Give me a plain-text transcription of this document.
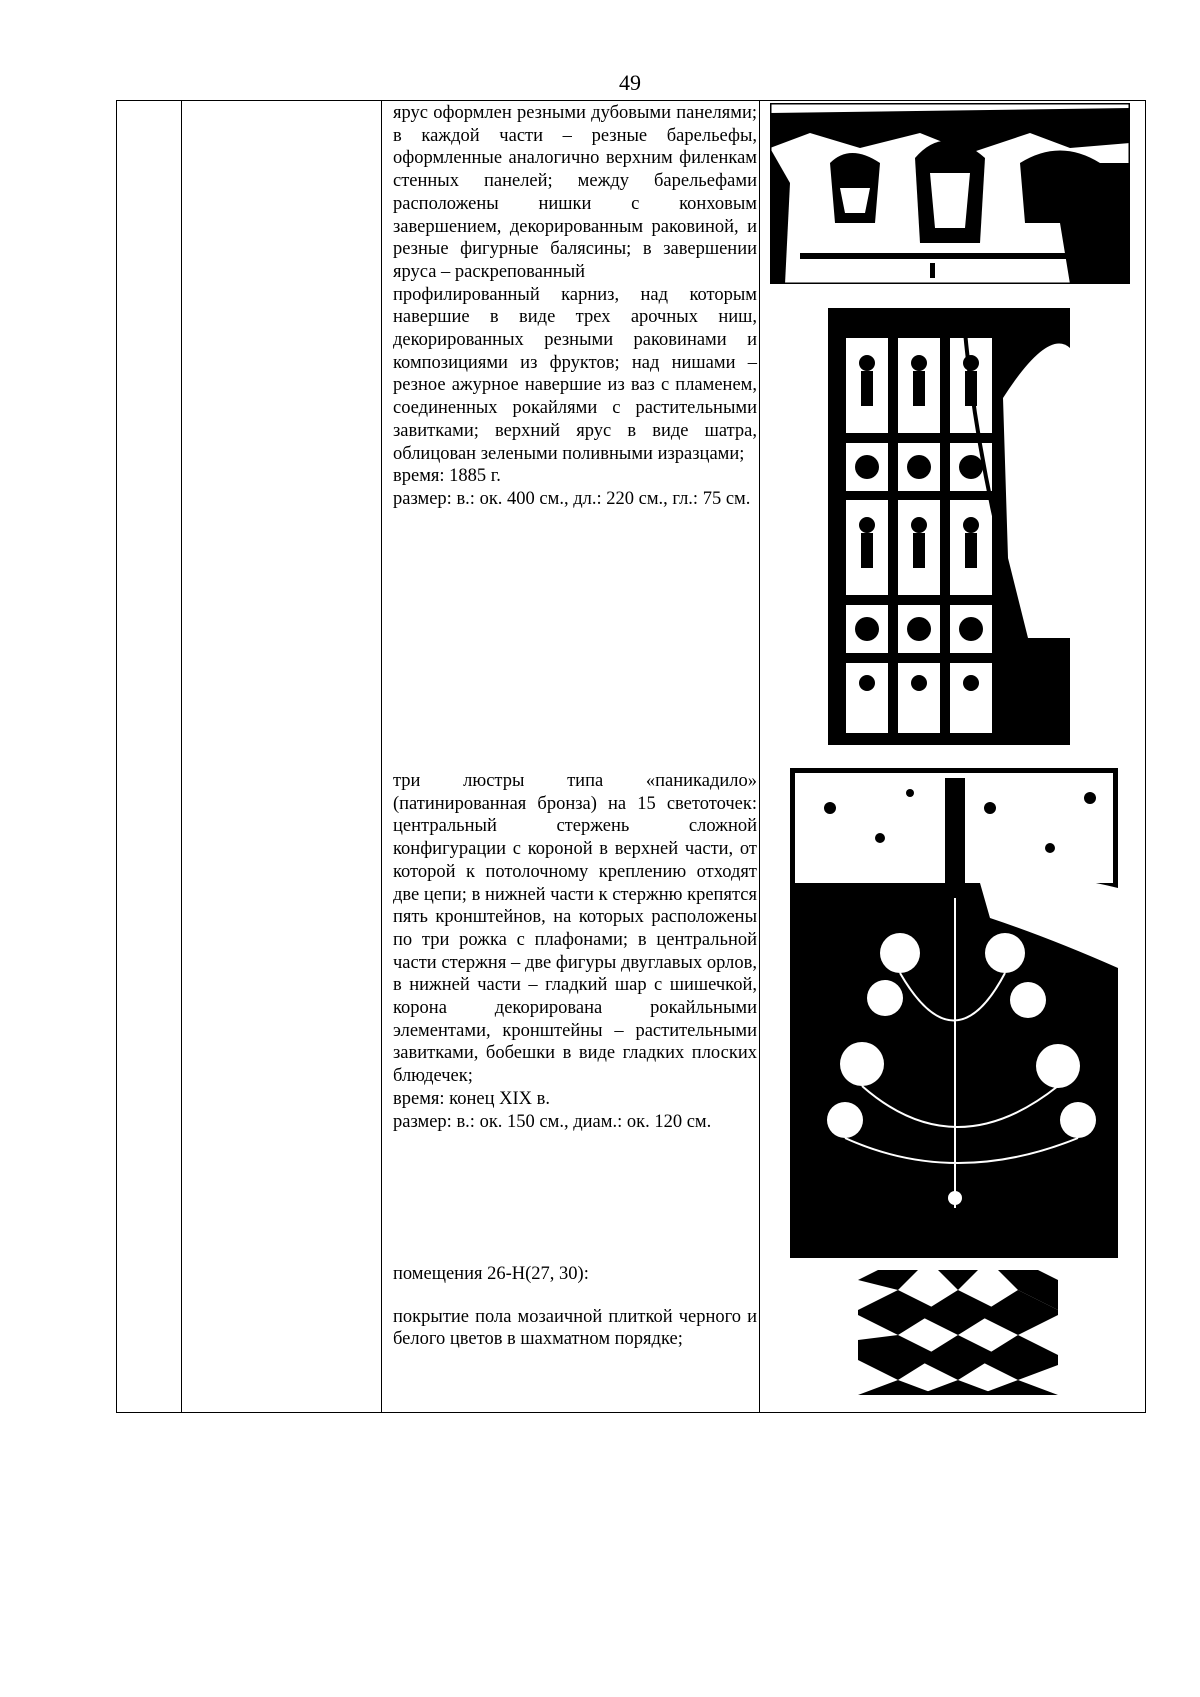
49

ярус оформлен резными дубовыми панелями; в каждой части – резные барельефы, оформленные аналогично верхним филенкам стенных панелей; между барельефами расположены нишки с конховым завершением, декорированным раковиной, и резные фигурные балясины; в завершении яруса – раскрепованный

профилированный карниз, над которым навершие в виде трех арочных ниш, декорированных резными раковинами и композициями из фруктов; над нишами – резное ажурное навершие из ваз с пламенем, соединенных рокайлями с растительными завитками; верхний ярус в виде шатра, облицован зелеными поливными изразцами;

время: 1885 г.

размер: в.: ок. 400 см., дл.: 220 см., гл.: 75 см.

три люстры типа «паникадило» (патинированная бронза) на 15 светоточек: центральный стержень сложной конфигурации с короной в верхней части, от которой к потолочному креплению отходят две цепи; в нижней части к стержню крепятся пять кронштейнов, на которых расположены по три рожка с плафонами; в центральной части стержня – две фигуры двуглавых орлов, в нижней части – гладкий шар с шишечкой, корона декорирована рокайльными элементами, кронштейны – растительными завитками, бобешки в виде гладких плоских блюдечек;

время: конец XIX в.

размер: в.: ок. 150 см., диам.: ок. 120 см.

помещения 26-Н(27, 30):

покрытие пола мозаичной плиткой черного и белого цветов в шахматном порядке;
